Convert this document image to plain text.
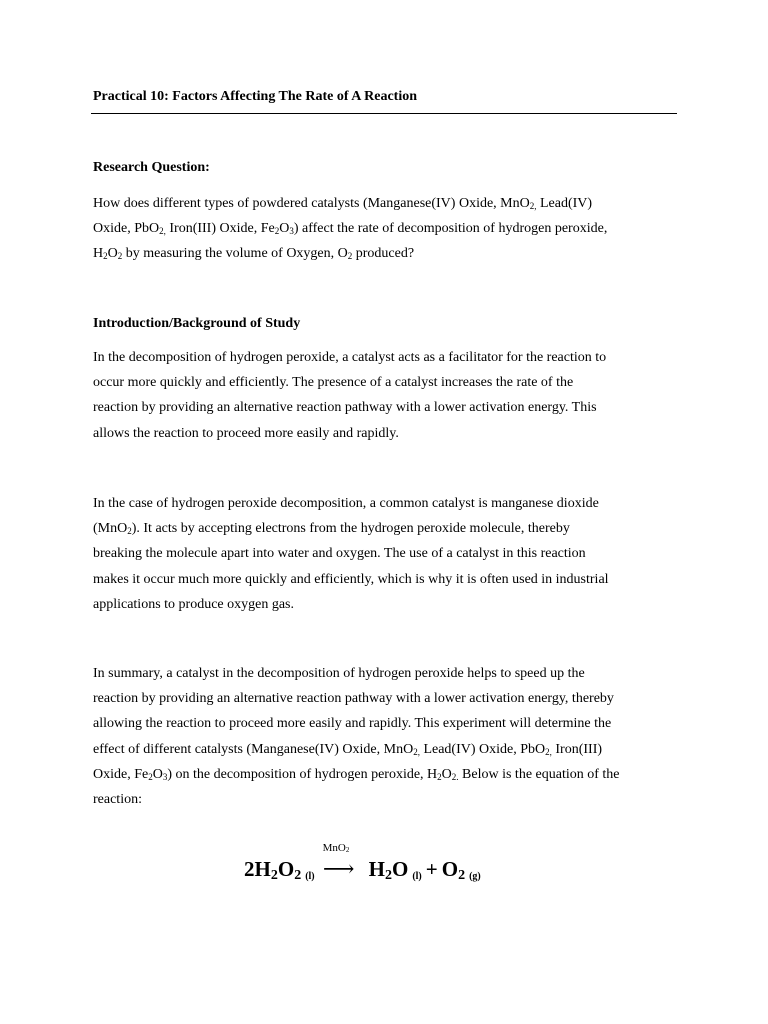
Practical 10: Factors Affecting The Rate of A Reaction
Research Question:

How does different types of powdered catalysts (Manganese(IV) Oxide, MnO$_{2,}$ Lead(IV)

Oxide, PbO$_{2,}$ Iron(III) Oxide, $Fe_2O_3$) affect the rate of decomposition of hydrogen peroxide,

$H_2O_2$ by measuring the volume of Oxygen, $O_2$ produced?

Introduction/Background of Study

In the decomposition of hydrogen peroxide, a catalyst acts as a facilitator for the reaction to

occur more quickly and efficiently. The presence of a catalyst increases the rate of the

reaction by providing an alternative reaction pathway with a lower activation energy. This

allows the reaction to proceed more easily and rapidly.

In the case of hydrogen peroxide decomposition, a common catalyst is manganese dioxide

(MnO$_2$). It acts by accepting electrons from the hydrogen peroxide molecule, thereby

breaking the molecule apart into water and oxygen. The use of a catalyst in this reaction

makes it occur much more quickly and efficiently, which is why it is often used in industrial

applications to produce oxygen gas.

In summary, a catalyst in the decomposition of hydrogen peroxide helps to speed up the

reaction by providing an alternative reaction pathway with a lower activation energy, thereby

allowing the reaction to proceed more easily and rapidly. This experiment will determine the

effect of different catalysts (Manganese(IV) Oxide, MnO$_{2,}$ Lead(IV) Oxide, PbO$_{2,}$ Iron(III)

Oxide, $Fe_2O_3$) on the decomposition of hydrogen peroxide, $H_2O_{2.}$ Below is the equation of the

reaction:

$2H_2O_2$ (l)
MnO$_2$
⟶ $H_2O$ $(l) + O_2$ (g)
